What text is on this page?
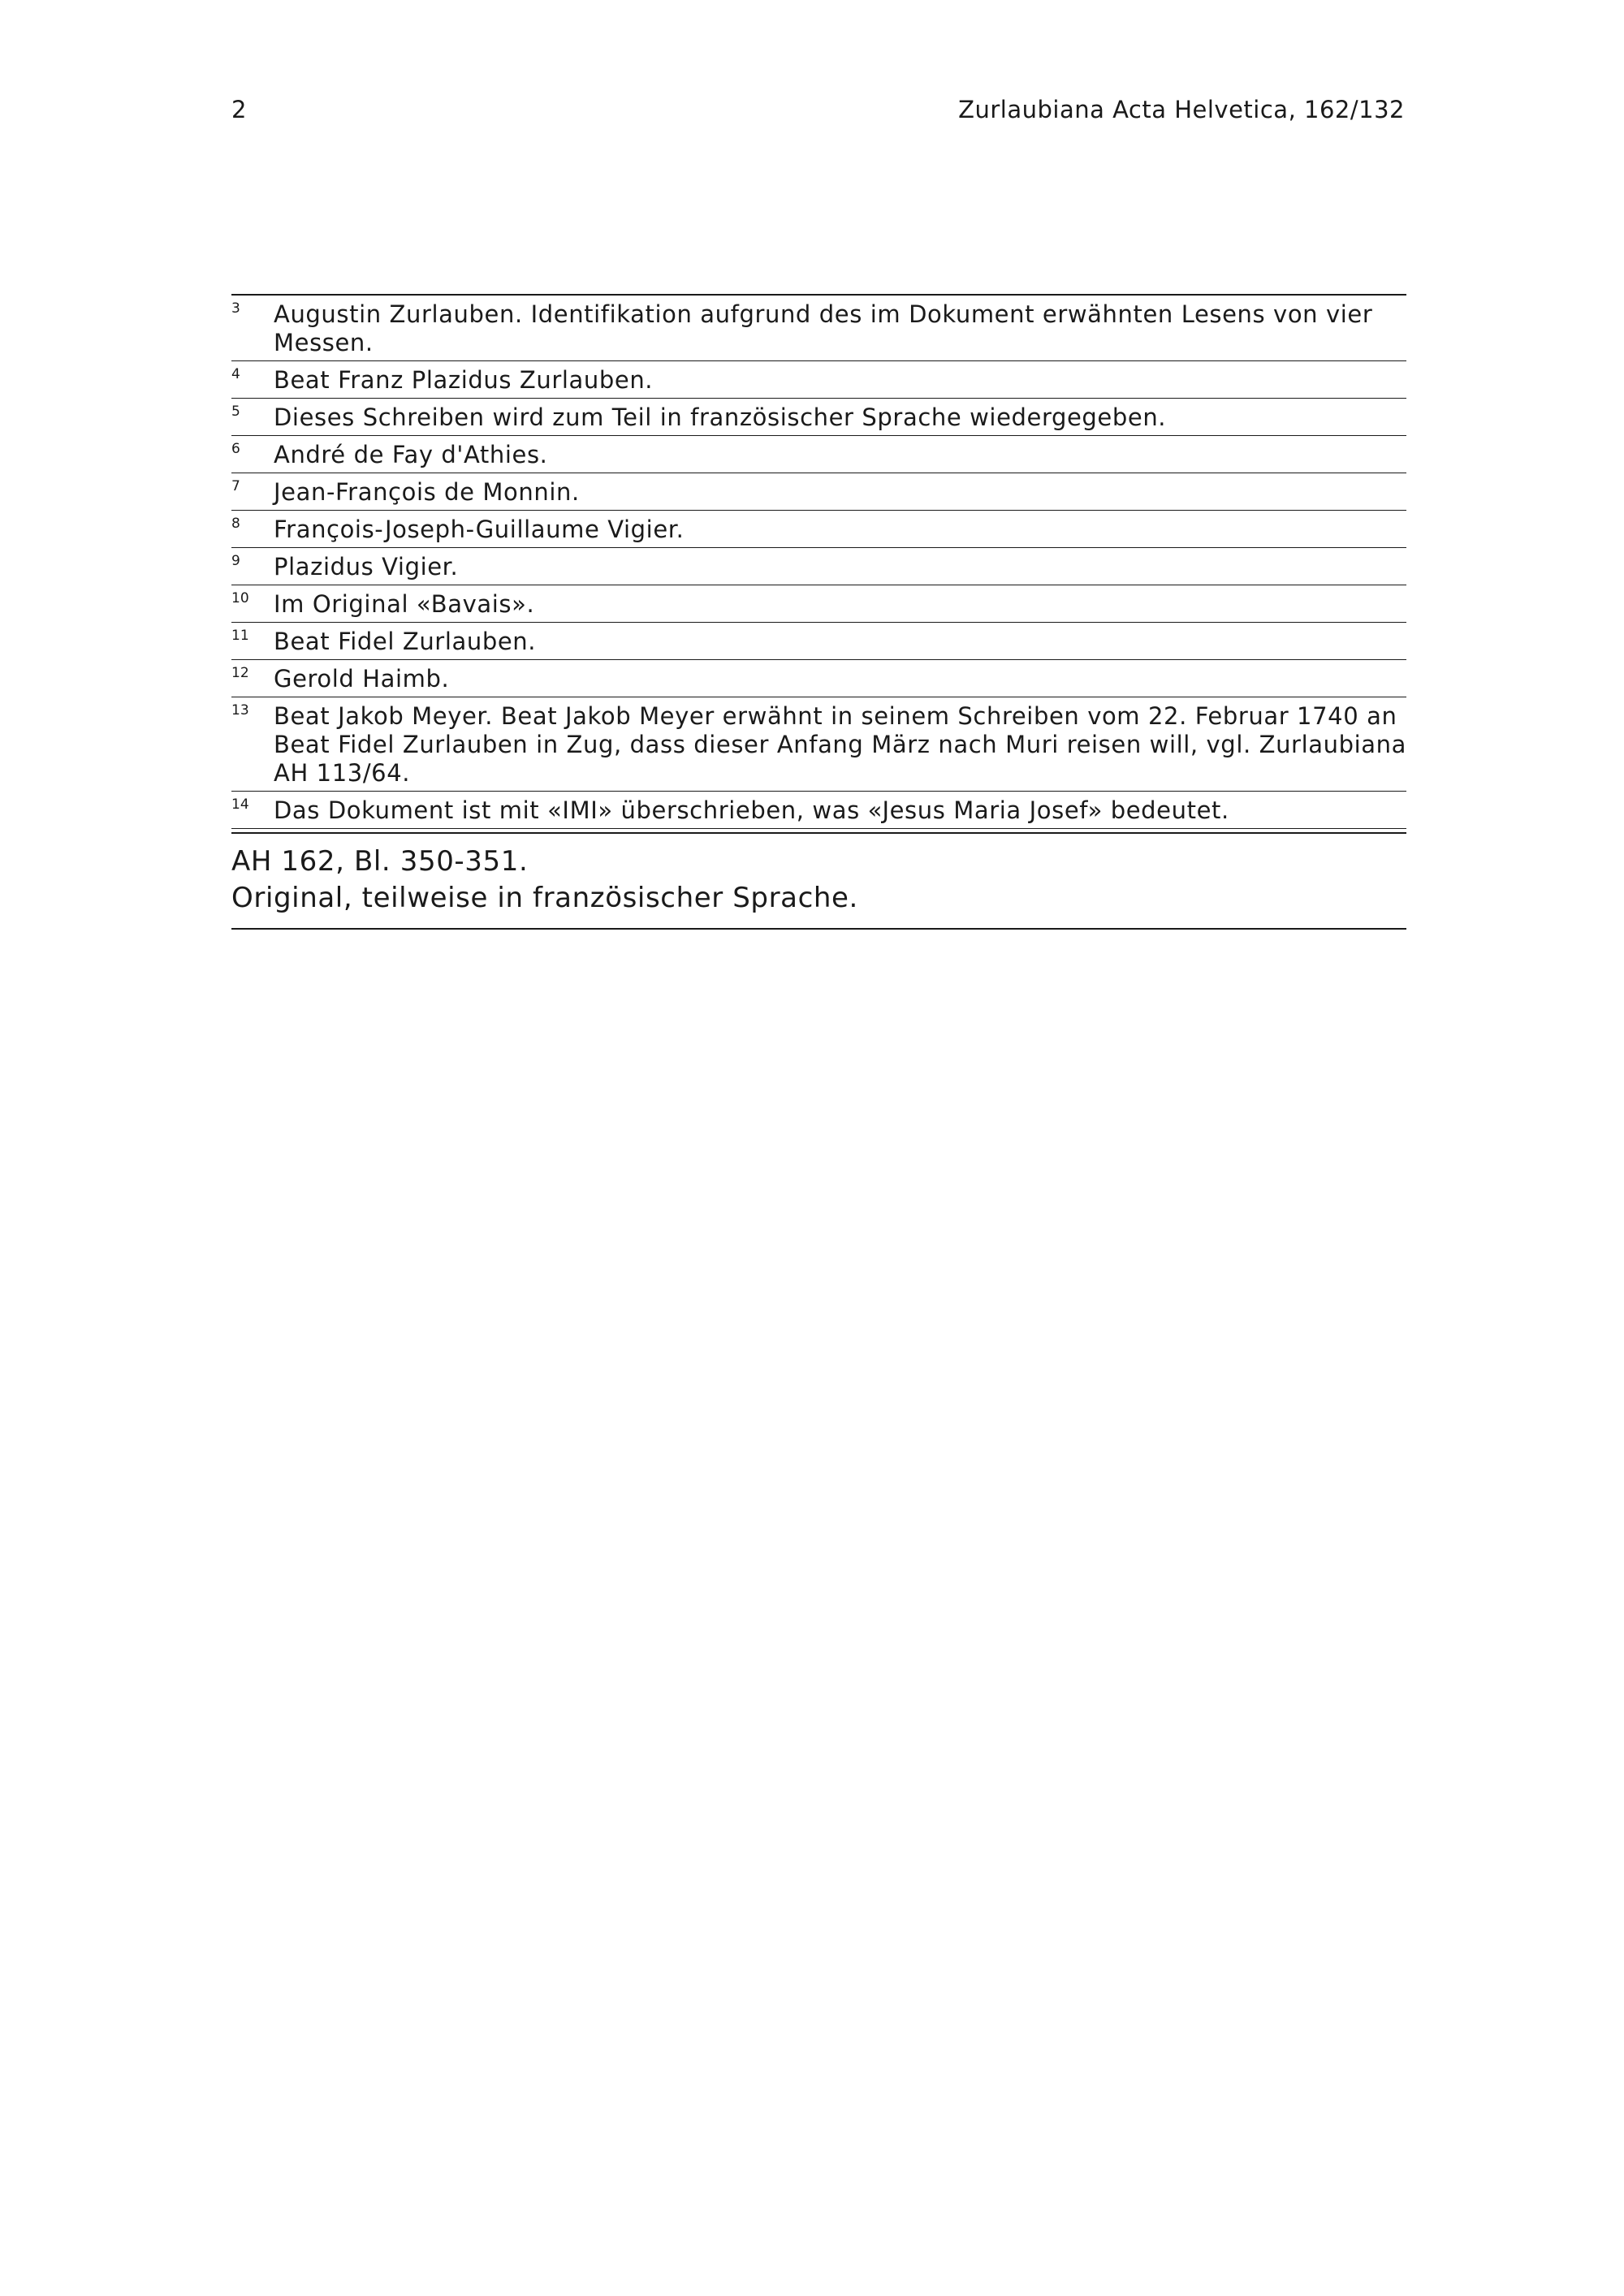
2	Zurlaubiana Acta Helvetica, 162/132
3	Augustin Zurlauben. Identifikation aufgrund des im Dokument erwähnten Lesens von vier Messen.
4	Beat Franz Plazidus Zurlauben.
5	Dieses Schreiben wird zum Teil in französischer Sprache wiedergegeben.
6	André de Fay d'Athies.
7	Jean-François de Monnin.
8	François-Joseph-Guillaume Vigier.
9	Plazidus Vigier.
10	Im Original «Bavais».
11	Beat Fidel Zurlauben.
12	Gerold Haimb.
13	Beat Jakob Meyer. Beat Jakob Meyer erwähnt in seinem Schreiben vom 22. Februar 1740 an Beat Fidel Zurlauben in Zug, dass dieser Anfang März nach Muri reisen will, vgl. Zurlaubiana AH 113/64.
14	Das Dokument ist mit «IMI» überschrieben, was «Jesus Maria Josef» bedeutet.
AH 162, Bl. 350-351.
Original, teilweise in französischer Sprache.
